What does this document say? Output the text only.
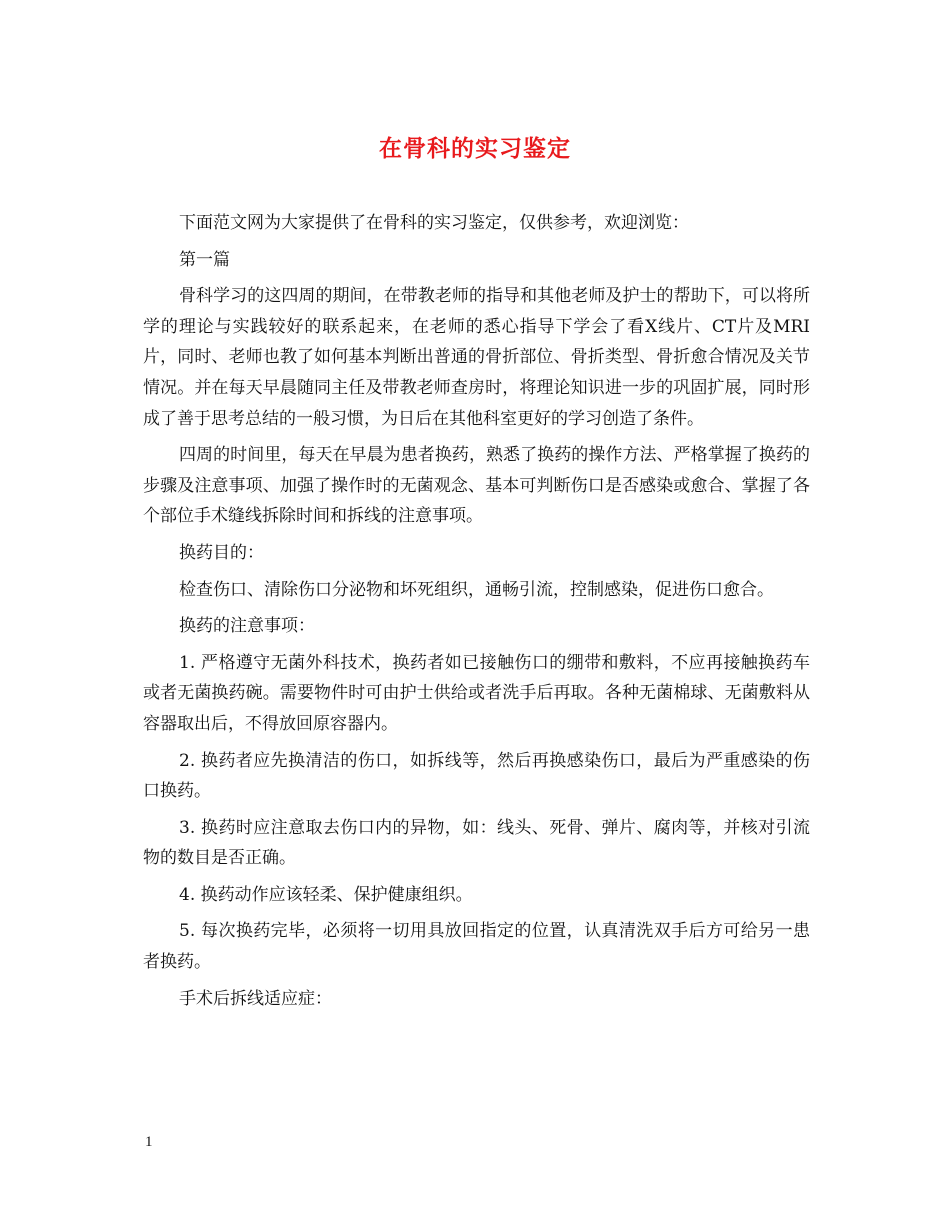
在骨科的实习鉴定

下面范文网为大家提供了在骨科的实习鉴定，仅供参考，欢迎浏览：

第一篇

骨科学习的这四周的期间，在带教老师的指导和其他老师及护士的帮助下，可以将所学的理论与实践较好的联系起来，在老师的悉心指导下学会了看X线片、CT片及MRI片，同时、老师也教了如何基本判断出普通的骨折部位、骨折类型、骨折愈合情况及关节情况。并在每天早晨随同主任及带教老师查房时，将理论知识进一步的巩固扩展，同时形成了善于思考总结的一般习惯，为日后在其他科室更好的学习创造了条件。

四周的时间里，每天在早晨为患者换药，熟悉了换药的操作方法、严格掌握了换药的步骤及注意事项、加强了操作时的无菌观念、基本可判断伤口是否感染或愈合、掌握了各个部位手术缝线拆除时间和拆线的注意事项。

换药目的：

检查伤口、清除伤口分泌物和坏死组织，通畅引流，控制感染，促进伤口愈合。

换药的注意事项：

1. 严格遵守无菌外科技术，换药者如已接触伤口的绷带和敷料，不应再接触换药车或者无菌换药碗。需要物件时可由护士供给或者洗手后再取。各种无菌棉球、无菌敷料从容器取出后，不得放回原容器内。

2. 换药者应先换清洁的伤口，如拆线等，然后再换感染伤口，最后为严重感染的伤口换药。

3. 换药时应注意取去伤口内的异物，如：线头、死骨、弹片、腐肉等，并核对引流物的数目是否正确。

4. 换药动作应该轻柔、保护健康组织。

5. 每次换药完毕，必须将一切用具放回指定的位置，认真清洗双手后方可给另一患者换药。

手术后拆线适应症：

1
